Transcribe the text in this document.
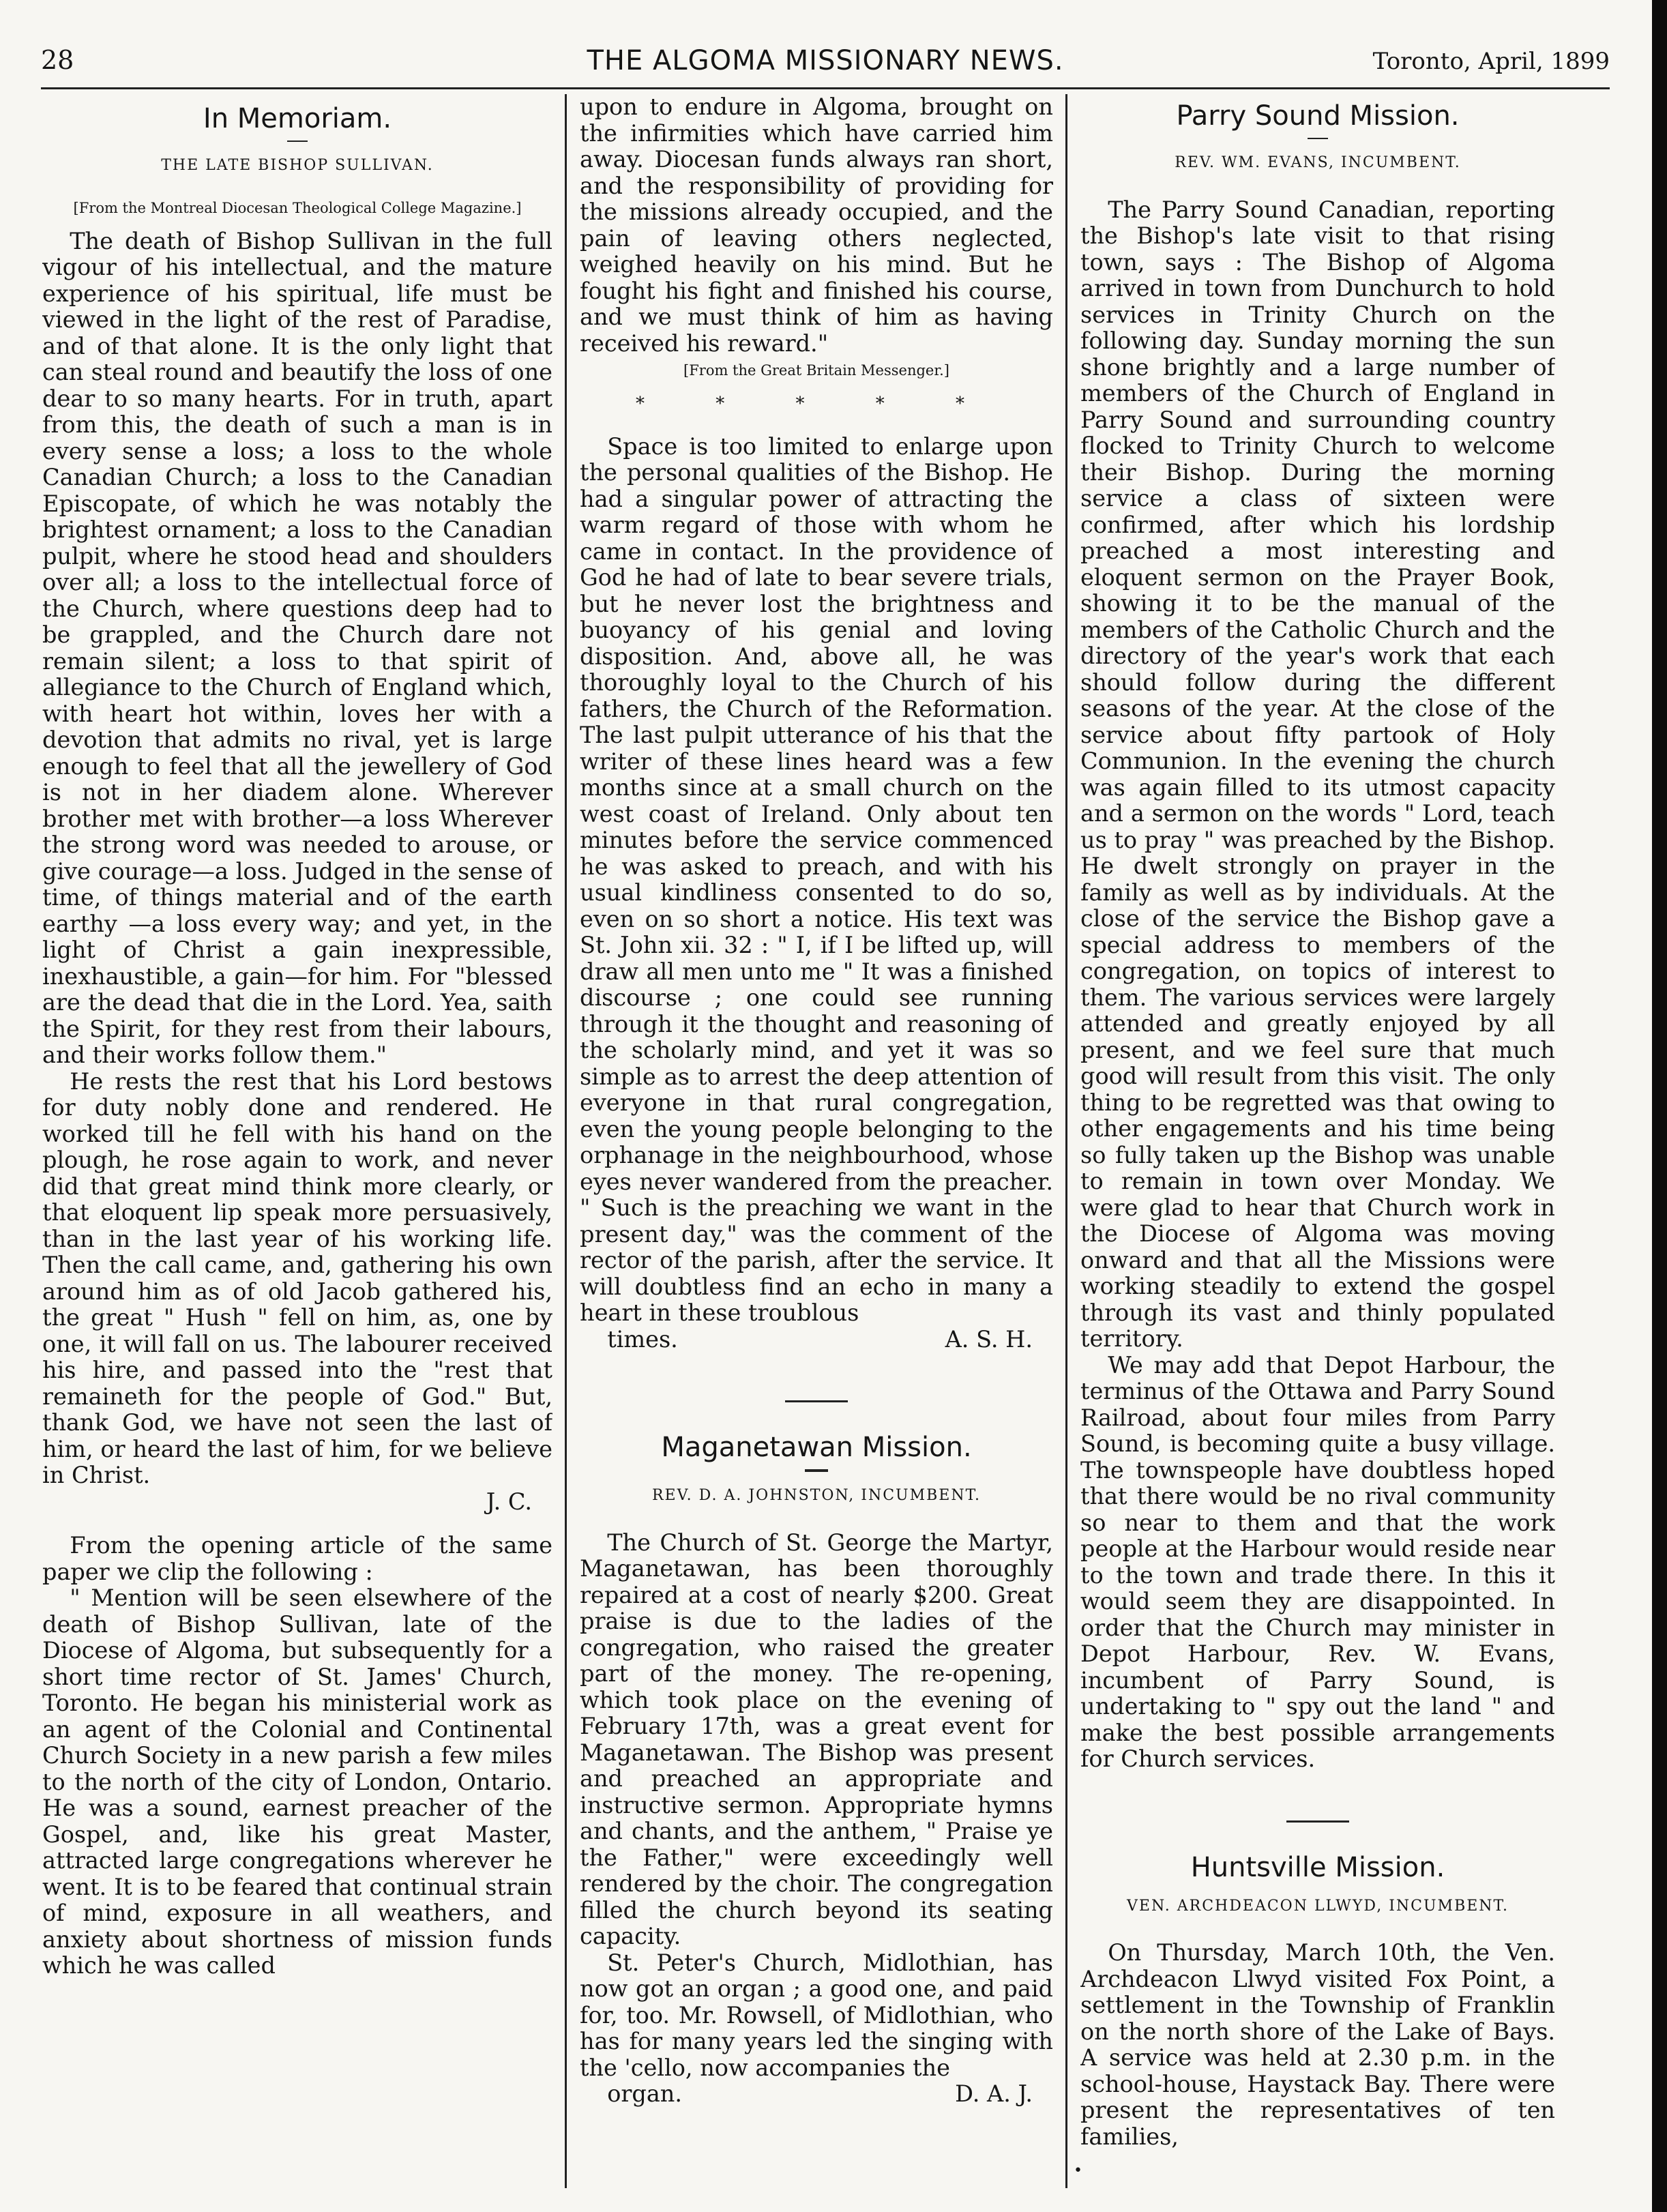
28	THE ALGOMA MISSIONARY NEWS.	Toronto, April, 1899
In Memoriam.
THE LATE BISHOP SULLIVAN.
[From the Montreal Diocesan Theological College Magazine.]

The death of Bishop Sullivan in the full vigour of his intellectual, and the mature experience of his spiritual, life must be viewed in the light of the rest of Paradise, and of that alone. It is the only light that can steal round and beautify the loss of one dear to so many hearts. For in truth, apart from this, the death of such a man is in every sense a loss; a loss to the whole Canadian Church; a loss to the Canadian Episcopate, of which he was notably the brightest ornament; a loss to the Canadian pulpit, where he stood head and shoulders over all; a loss to the intellectual force of the Church, where questions deep had to be grappled, and the Church dare not remain silent; a loss to that spirit of allegiance to the Church of England which, with heart hot within, loves her with a devotion that admits no rival, yet is large enough to feel that all the jewellery of God is not in her diadem alone. Wherever brother met with brother—a loss Wherever the strong word was needed to arouse, or give courage—a loss. Judged in the sense of time, of things material and of the earth earthy —a loss every way; and yet, in the light of Christ a gain inexpressible, inexhaustible, a gain—for him. For "blessed are the dead that die in the Lord. Yea, saith the Spirit, for they rest from their labours, and their works follow them."

He rests the rest that his Lord bestows for duty nobly done and rendered. He worked till he fell with his hand on the plough, he rose again to work, and never did that great mind think more clearly, or that eloquent lip speak more persuasively, than in the last year of his working life. Then the call came, and, gathering his own around him as of old Jacob gathered his, the great " Hush " fell on him, as, one by one, it will fall on us. The labourer received his hire, and passed into the "rest that remaineth for the people of God." But, thank God, we have not seen the last of him, or heard the last of him, for we believe in Christ.

J. C.

From the opening article of the same paper we clip the following :

" Mention will be seen elsewhere of the death of Bishop Sullivan, late of the Diocese of Algoma, but subsequently for a short time rector of St. James' Church, Toronto. He began his ministerial work as an agent of the Colonial and Continental Church Society in a new parish a few miles to the north of the city of London, Ontario. He was a sound, earnest preacher of the Gospel, and, like his great Master, attracted large congregations wherever he went. It is to be feared that continual strain of mind, exposure in all weathers, and anxiety about shortness of mission funds which he was called

upon to endure in Algoma, brought on the infirmities which have carried him away. Diocesan funds always ran short, and the responsibility of providing for the missions already occupied, and the pain of leaving others neglected, weighed heavily on his mind. But he fought his fight and finished his course, and we must think of him as having received his reward."

[From the Great Britain Messenger.]
* * * * *

Space is too limited to enlarge upon the personal qualities of the Bishop. He had a singular power of attracting the warm regard of those with whom he came in contact. In the providence of God he had of late to bear severe trials, but he never lost the brightness and buoyancy of his genial and loving disposition. And, above all, he was thoroughly loyal to the Church of his fathers, the Church of the Reformation. The last pulpit utterance of his that the writer of these lines heard was a few months since at a small church on the west coast of Ireland. Only about ten minutes before the service commenced he was asked to preach, and with his usual kindliness consented to do so, even on so short a notice. His text was St. John xii. 32 : " I, if I be lifted up, will draw all men unto me " It was a finished discourse ; one could see running through it the thought and reasoning of the scholarly mind, and yet it was so simple as to arrest the deep attention of everyone in that rural congregation, even the young people belonging to the orphanage in the neighbourhood, whose eyes never wandered from the preacher. " Such is the preaching we want in the present day," was the comment of the rector of the parish, after the service. It will doubtless find an echo in many a heart in these troublous

times.	A. S. H.

Maganetawan Mission.
REV. D. A. JOHNSTON, INCUMBENT.

The Church of St. George the Martyr, Maganetawan, has been thoroughly repaired at a cost of nearly $200. Great praise is due to the ladies of the congregation, who raised the greater part of the money. The re-opening, which took place on the evening of February 17th, was a great event for Maganetawan. The Bishop was present and preached an appropriate and instructive sermon. Appropriate hymns and chants, and the anthem, " Praise ye the Father," were exceedingly well rendered by the choir. The congregation filled the church beyond its seating capacity.

St. Peter's Church, Midlothian, has now got an organ ; a good one, and paid for, too. Mr. Rowsell, of Midlothian, who has for many years led the singing with the 'cello, now accompanies the

organ.	D. A. J.

Parry Sound Mission.
REV. WM. EVANS, INCUMBENT.

The Parry Sound Canadian, reporting the Bishop's late visit to that rising town, says : The Bishop of Algoma arrived in town from Dunchurch to hold services in Trinity Church on the following day. Sunday morning the sun shone brightly and a large number of members of the Church of England in Parry Sound and surrounding country flocked to Trinity Church to welcome their Bishop. During the morning service a class of sixteen were confirmed, after which his lordship preached a most interesting and eloquent sermon on the Prayer Book, showing it to be the manual of the members of the Catholic Church and the directory of the year's work that each should follow during the different seasons of the year. At the close of the service about fifty partook of Holy Communion. In the evening the church was again filled to its utmost capacity and a sermon on the words " Lord, teach us to pray " was preached by the Bishop. He dwelt strongly on prayer in the family as well as by individuals. At the close of the service the Bishop gave a special address to members of the congregation, on topics of interest to them. The various services were largely attended and greatly enjoyed by all present, and we feel sure that much good will result from this visit. The only thing to be regretted was that owing to other engagements and his time being so fully taken up the Bishop was unable to remain in town over Monday. We were glad to hear that Church work in the Diocese of Algoma was moving onward and that all the Missions were working steadily to extend the gospel through its vast and thinly populated territory.

We may add that Depot Harbour, the terminus of the Ottawa and Parry Sound Railroad, about four miles from Parry Sound, is becoming quite a busy village. The townspeople have doubtless hoped that there would be no rival community so near to them and that the work people at the Harbour would reside near to the town and trade there. In this it would seem they are disappointed. In order that the Church may minister in Depot Harbour, Rev. W. Evans, incumbent of Parry Sound, is undertaking to " spy out the land " and make the best possible arrangements for Church services.

Huntsville Mission.
VEN. ARCHDEACON LLWYD, INCUMBENT.

On Thursday, March 10th, the Ven. Archdeacon Llwyd visited Fox Point, a settlement in the Township of Franklin on the north shore of the Lake of Bays. A service was held at 2.30 p.m. in the school-house, Haystack Bay. There were present the representatives of ten families,

•
